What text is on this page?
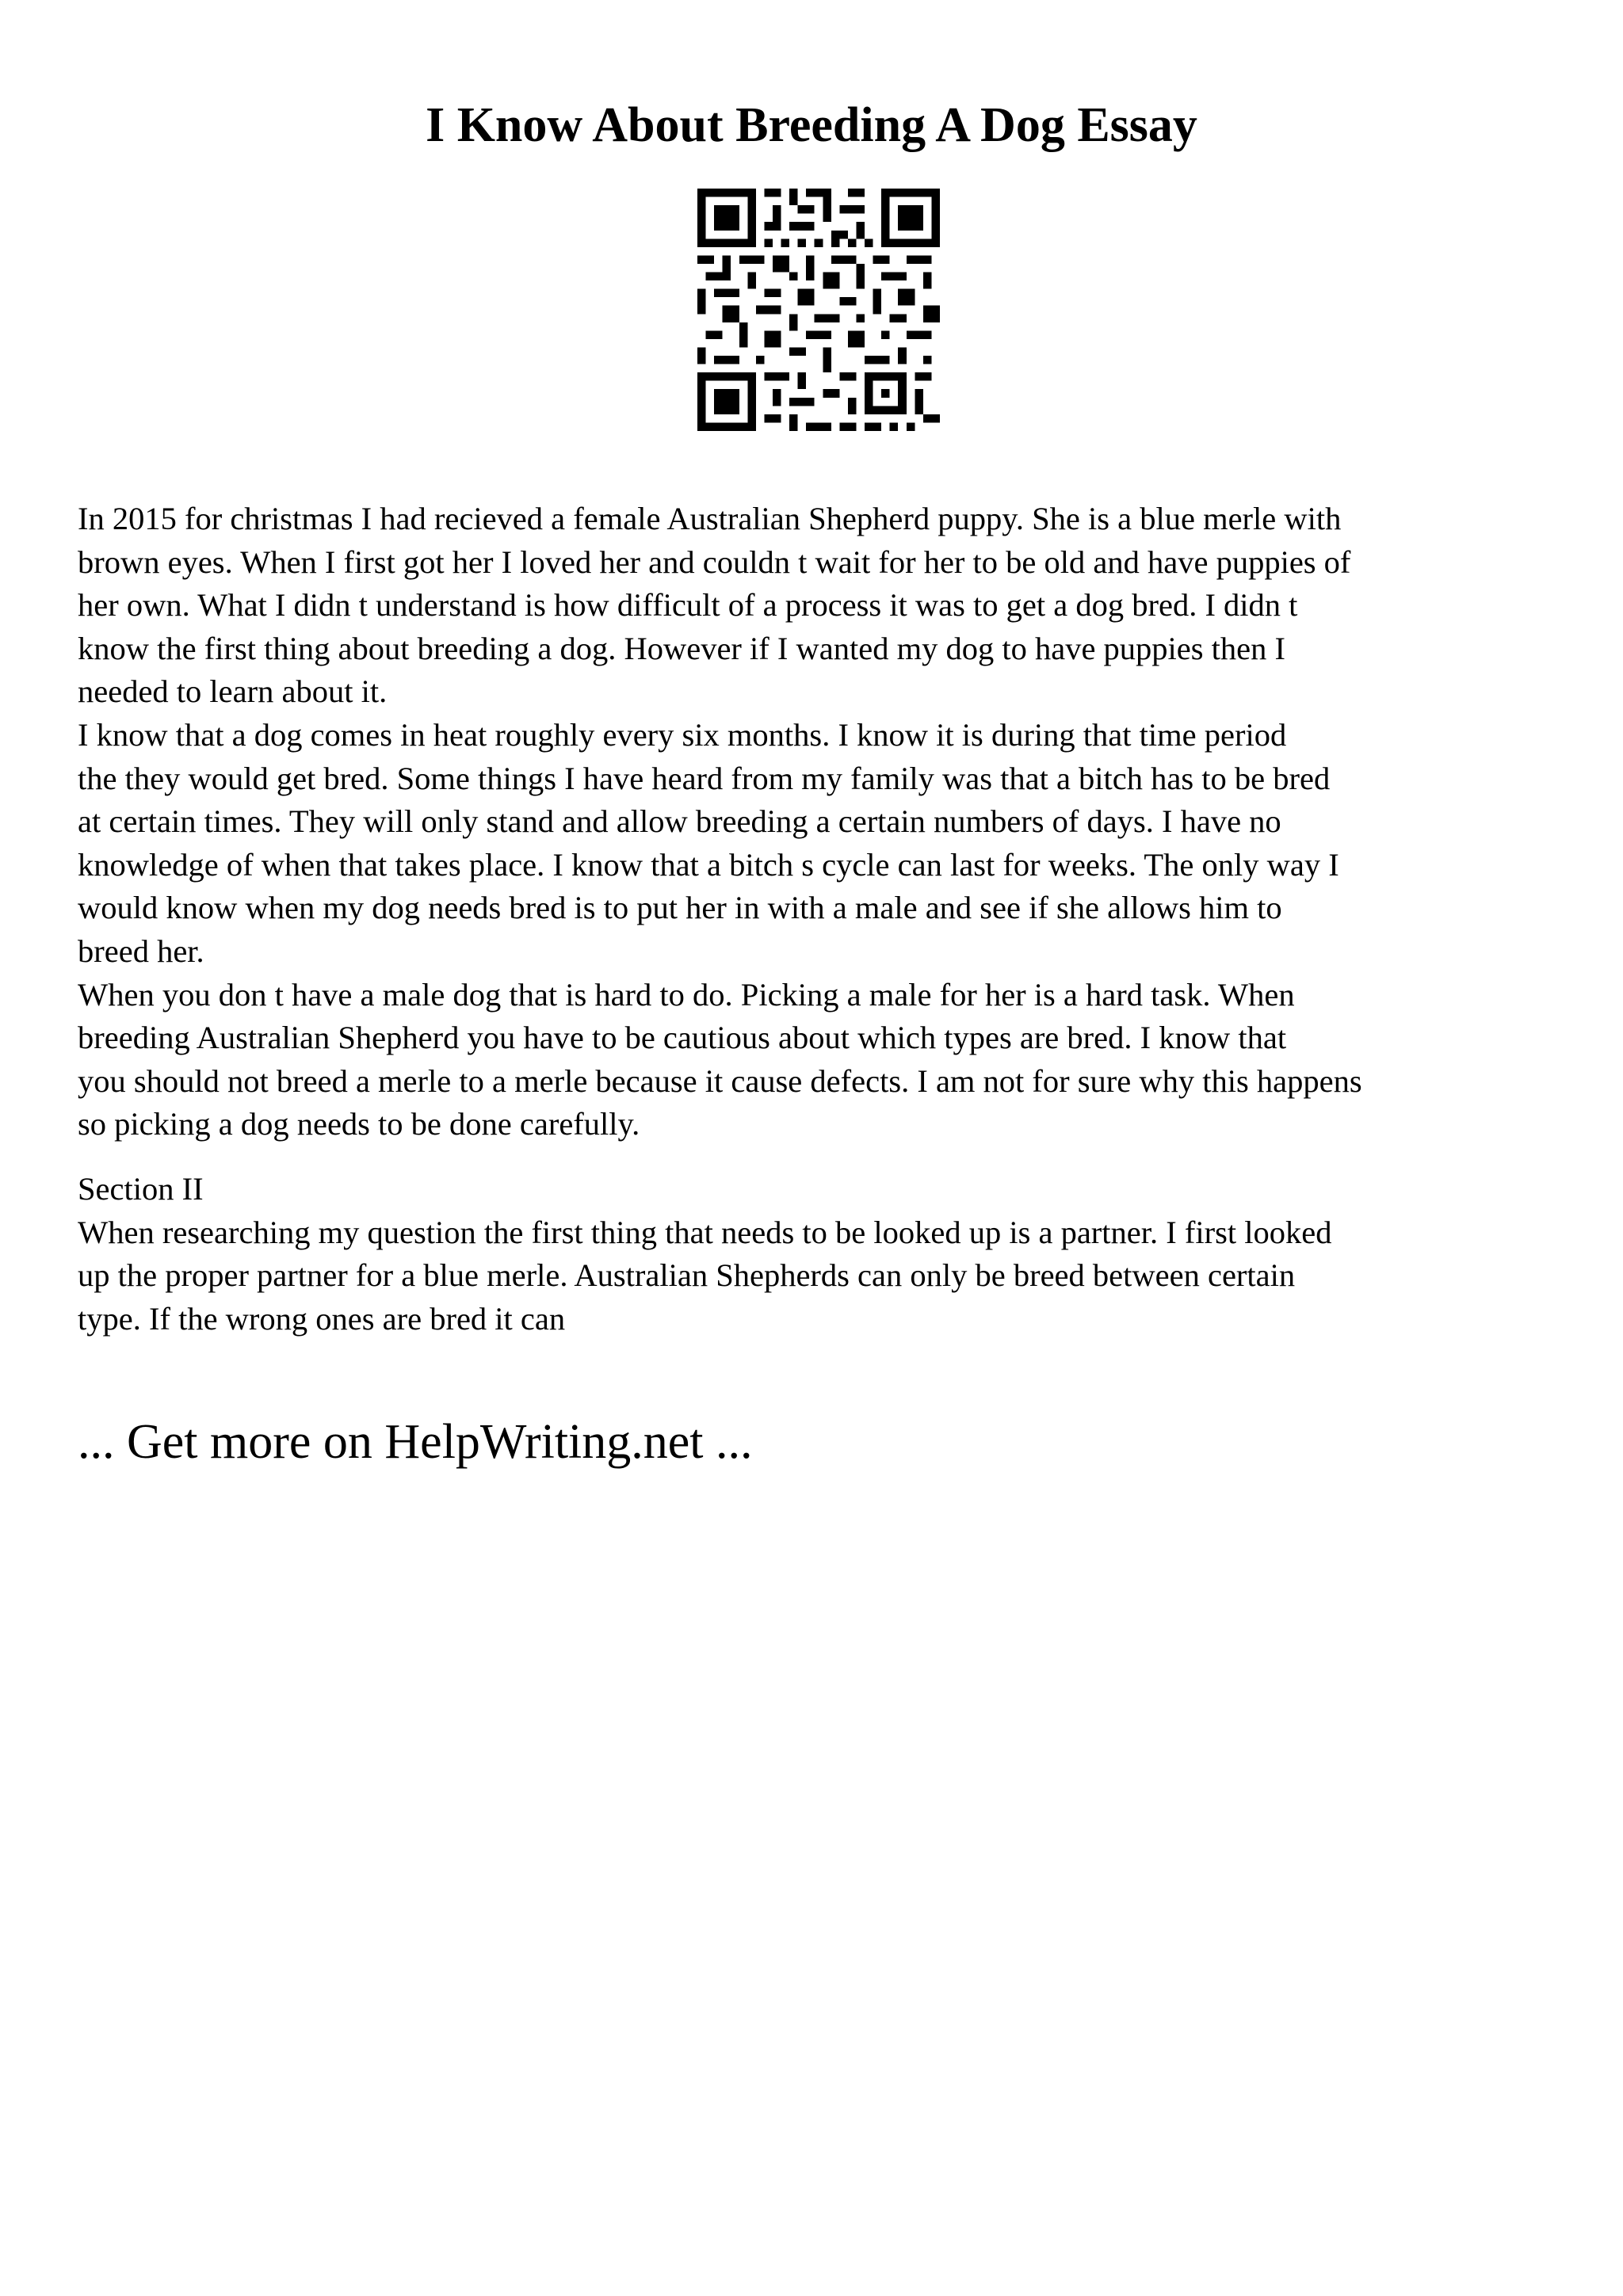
I Know About Breeding A Dog Essay

In 2015 for christmas I had recieved a female Australian Shepherd puppy. She is a blue merle with
brown eyes. When I first got her I loved her and couldn t wait for her to be old and have puppies of
her own. What I didn t understand is how difficult of a process it was to get a dog bred. I didn t
know the first thing about breeding a dog. However if I wanted my dog to have puppies then I
needed to learn about it.

I know that a dog comes in heat roughly every six months. I know it is during that time period
the they would get bred. Some things I have heard from my family was that a bitch has to be bred
at certain times. They will only stand and allow breeding a certain numbers of days. I have no
knowledge of when that takes place. I know that a bitch s cycle can last for weeks. The only way I
would know when my dog needs bred is to put her in with a male and see if she allows him to
breed her.

When you don t have a male dog that is hard to do. Picking a male for her is a hard task. When
breeding Australian Shepherd you have to be cautious about which types are bred. I know that
you should not breed a merle to a merle because it cause defects. I am not for sure why this happens
so picking a dog needs to be done carefully.

Section II

When researching my question the first thing that needs to be looked up is a partner. I first looked
up the proper partner for a blue merle. Australian Shepherds can only be breed between certain
type. If the wrong ones are bred it can

... Get more on HelpWriting.net ...
